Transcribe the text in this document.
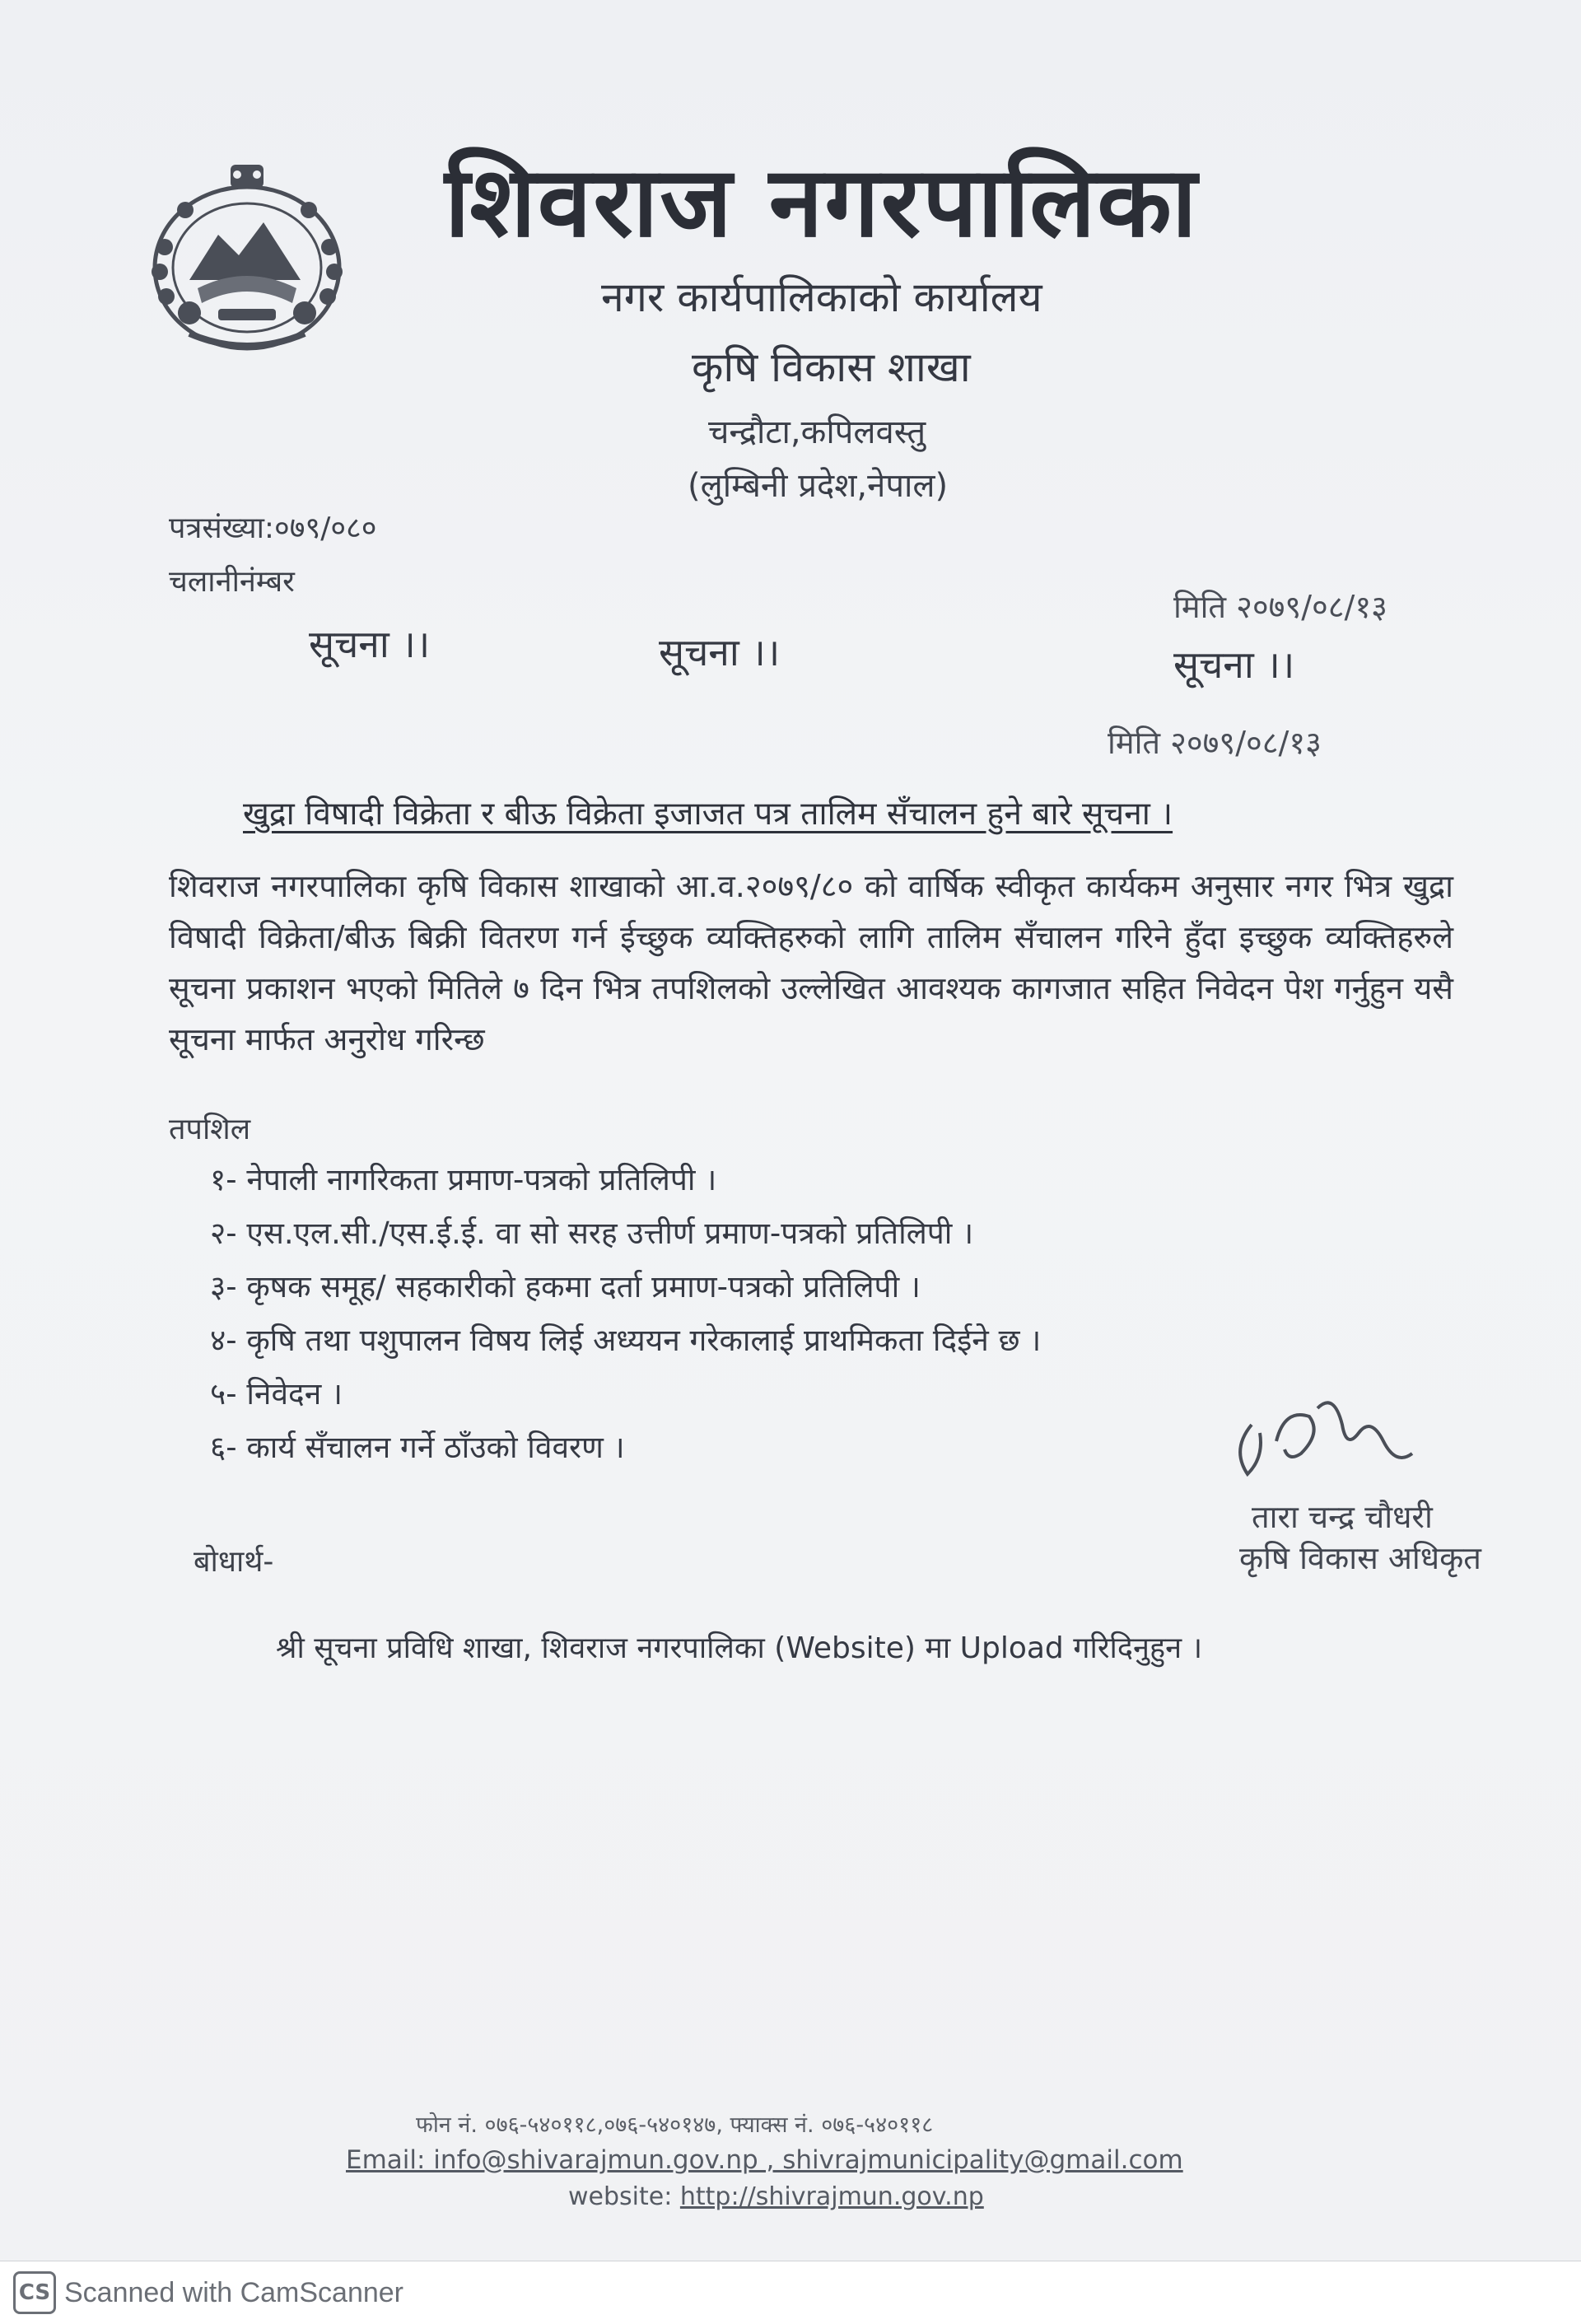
शिवराज नगरपालिका
नगर कार्यपालिकाको कार्यालय
कृषि विकास शाखा
चन्द्रौटा,कपिलवस्तु
(लुम्बिनी प्रदेश,नेपाल)
पत्रसंख्या:०७९/०८०
चलानीनंम्बर
मिति २०७९/०८/१३
सूचना ।।	सूचना ।।	सूचना ।।
मिति २०७९/०८/१३
खुद्रा विषादी विक्रेता र बीऊ विक्रेता इजाजत पत्र तालिम सँचालन हुने बारे सूचना ।
शिवराज नगरपालिका कृषि विकास शाखाको आ.व.२०७९/८० को वार्षिक स्वीकृत कार्यकम अनुसार नगर भित्र खुद्रा विषादी विक्रेता/बीऊ बिक्री वितरण गर्न ईच्छुक व्यक्तिहरुको लागि तालिम सँचालन गरिने हुँदा इच्छुक व्यक्तिहरुले सूचना प्रकाशन भएको मितिले ७ दिन भित्र तपशिलको उल्लेखित आवश्यक कागजात सहित निवेदन पेश गर्नुहुन यसै सूचना मार्फत अनुरोध गरिन्छ
तपशिल
१- नेपाली नागरिकता प्रमाण-पत्रको प्रतिलिपी ।
२- एस.एल.सी./एस.ई.ई. वा सो सरह उत्तीर्ण प्रमाण-पत्रको प्रतिलिपी ।
३- कृषक समूह/ सहकारीको हकमा दर्ता प्रमाण-पत्रको प्रतिलिपी ।
४- कृषि तथा पशुपालन विषय लिई अध्ययन गरेकालाई प्राथमिकता दिईने छ ।
५- निवेदन ।
६- कार्य सँचालन गर्ने ठाँउको विवरण ।
तारा चन्द्र चौधरी
कृषि विकास अधिकृत
बोधार्थ-
श्री सूचना प्रविधि शाखा, शिवराज नगरपालिका (Website) मा Upload गरिदिनुहुन ।
फोन नं. ०७६-५४०११८,०७६-५४०१४७, फ्याक्स नं. ०७६-५४०११८
Email: info@shivarajmun.gov.np , shivrajmunicipality@gmail.com
website: http://shivrajmun.gov.np
CS Scanned with CamScanner
